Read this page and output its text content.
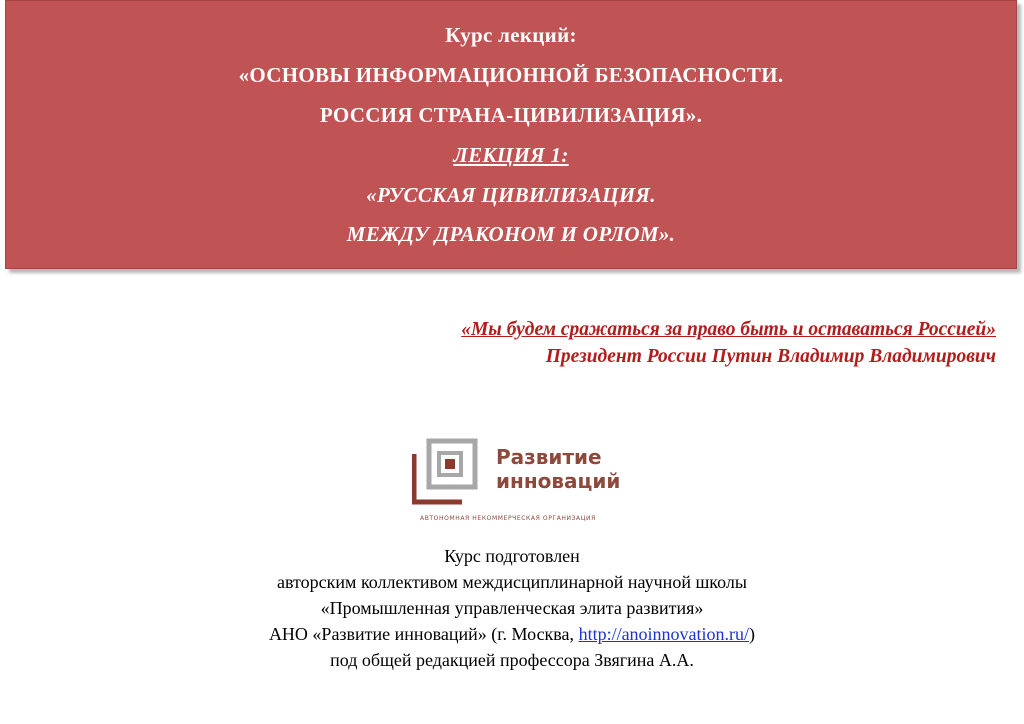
Курс лекций:
«ОСНОВЫ ИНФОРМАЦИОННОЙ БЕЗОПАСНОСТИ.
РОССИЯ СТРАНА-ЦИВИЛИЗАЦИЯ».
ЛЕКЦИЯ 1:
«РУССКАЯ ЦИВИЛИЗАЦИЯ.
МЕЖДУ ДРАКОНОМ И ОРЛОМ».
«Мы будем сражаться за право быть и оставаться Россией»
Президент России Путин Владимир Владимирович
Развитие
инноваций
АВТОНОМНАЯ НЕКОММЕРЧЕСКАЯ ОРГАНИЗАЦИЯ
Курс подготовлен
авторским коллективом междисциплинарной научной школы
«Промышленная управленческая элита развития»
АНО «Развитие инноваций» (г. Москва, http://anoinnovation.ru/)
под общей редакцией профессора Звягина А.А.
